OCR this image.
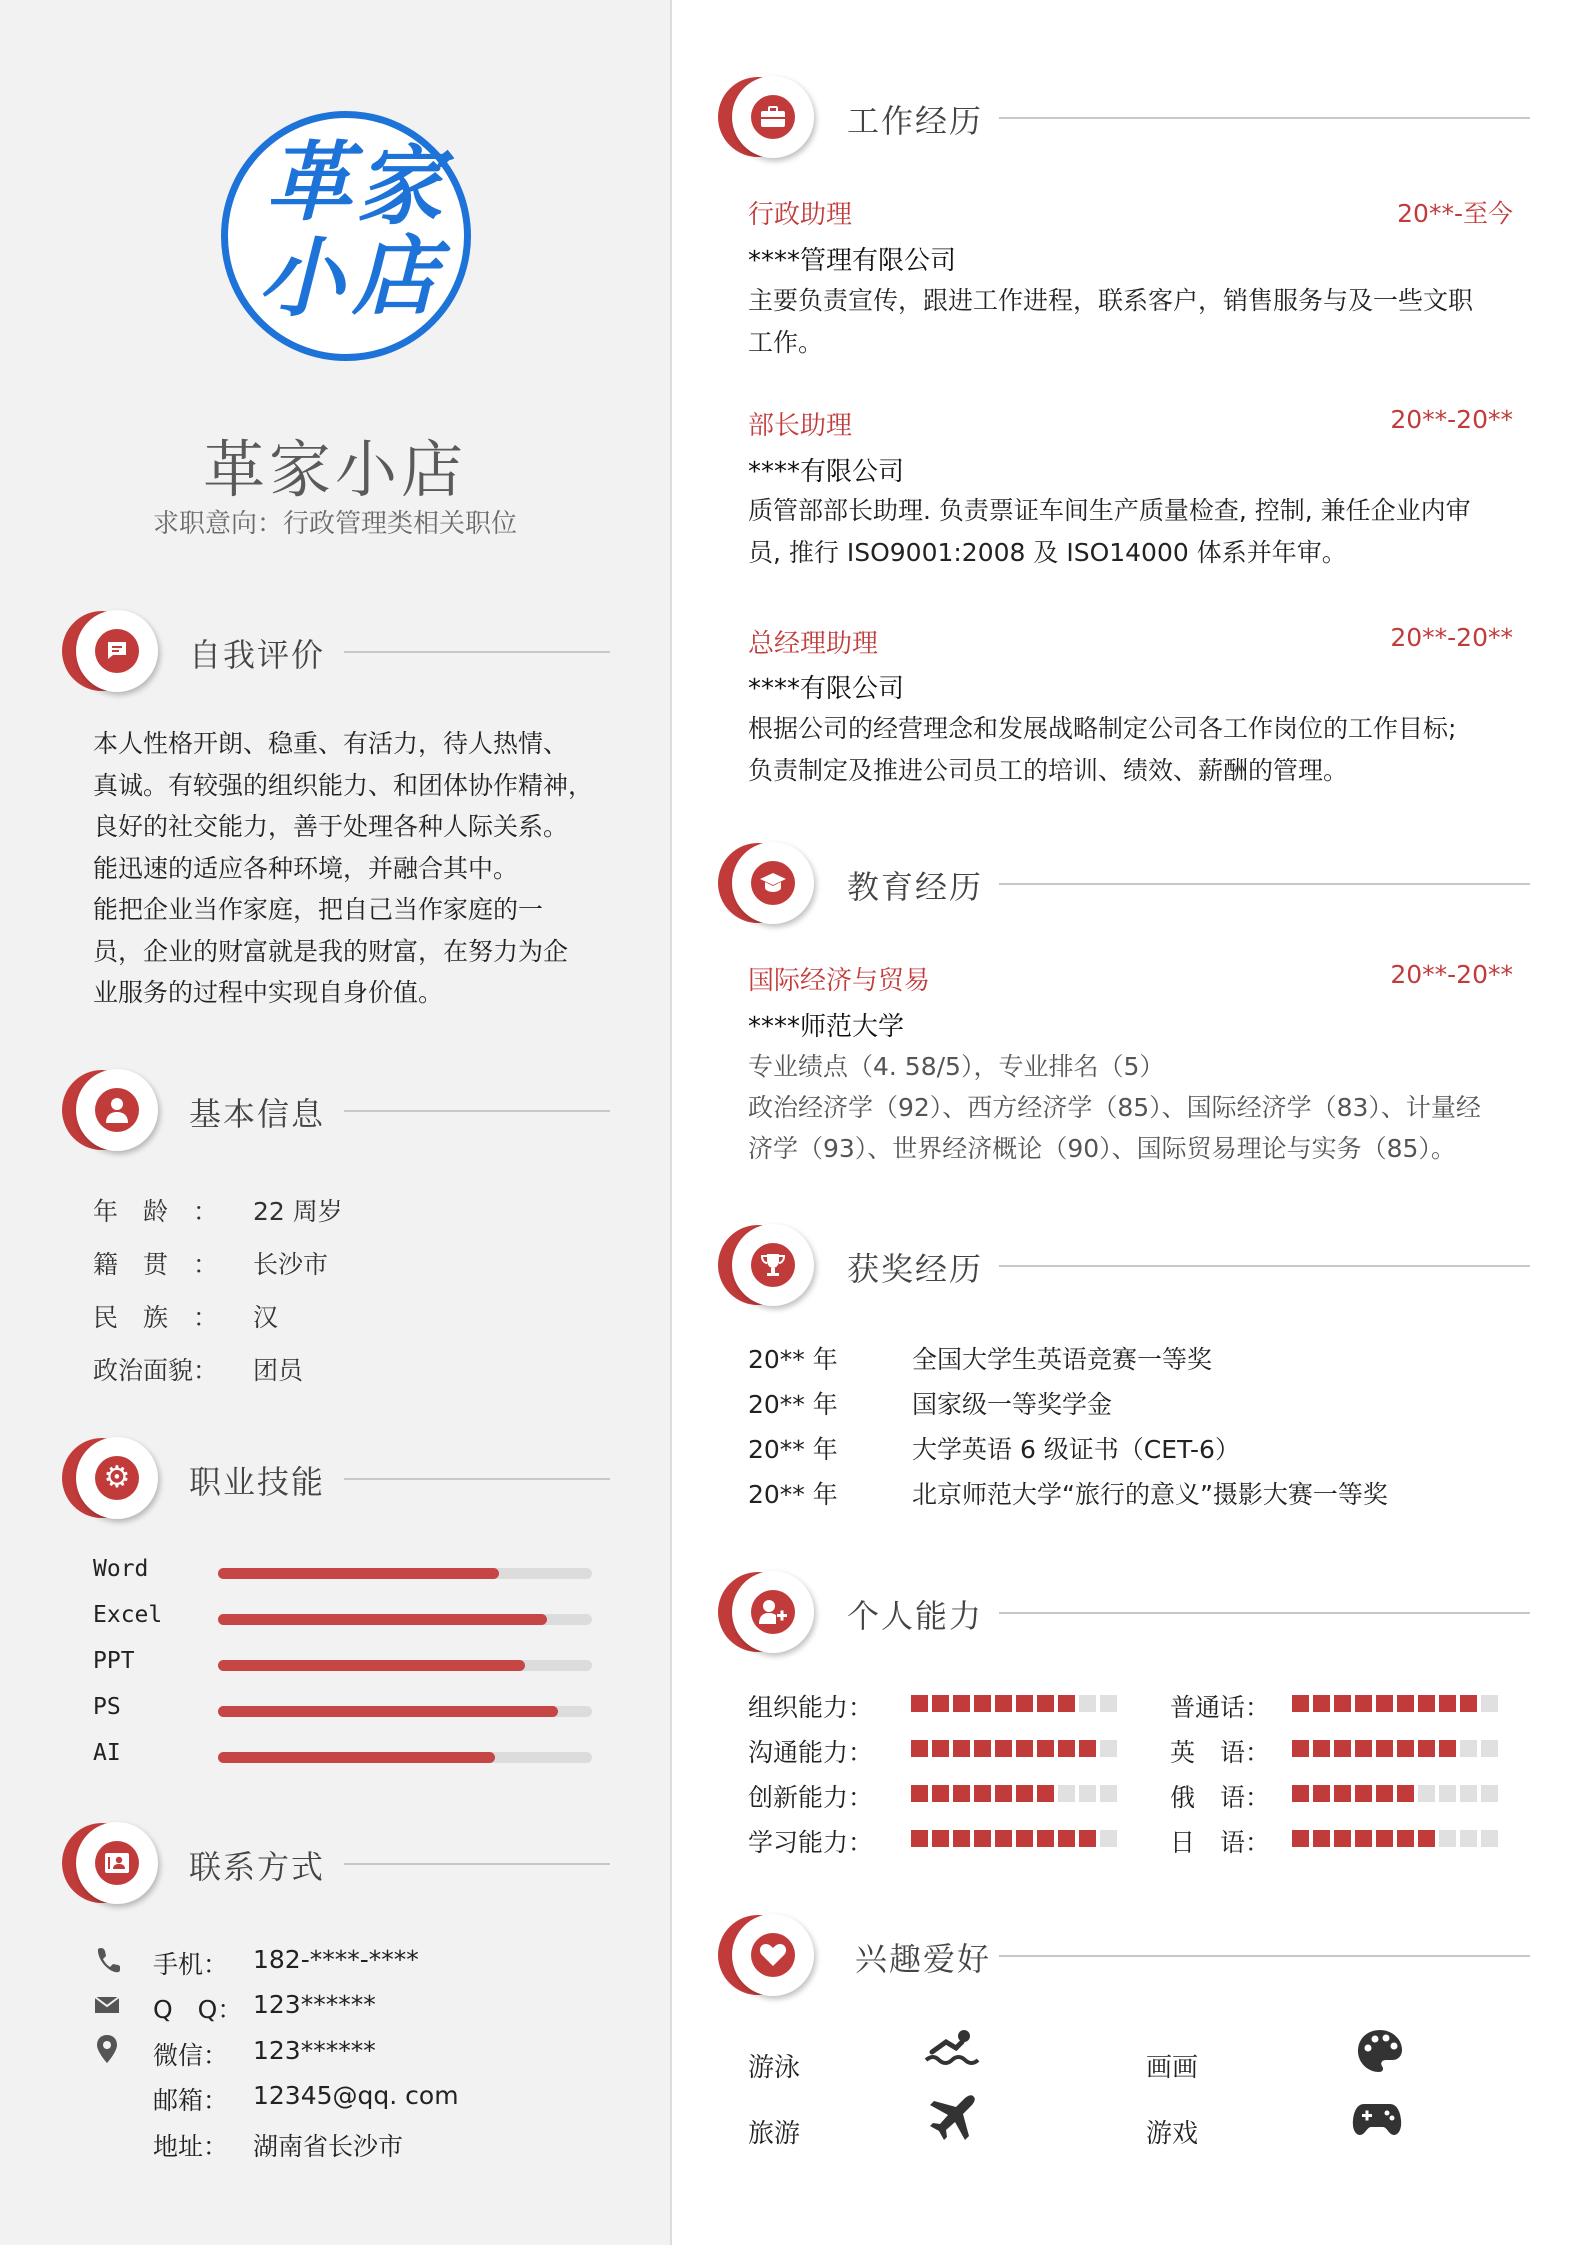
革 家
小 店
革家小店
求职意向：行政管理类相关职位
自我评价
本人性格开朗、稳重、有活力，待人热情、
真诚。有较强的组织能力、和团体协作精神，
良好的社交能力，善于处理各种人际关系。
能迅速的适应各种环境，并融合其中。
能把企业当作家庭，把自己当作家庭的一
员，企业的财富就是我的财富，在努力为企
业服务的过程中实现自身价值。
基本信息
年　龄　： 22 周岁
籍　贯　： 长沙市
民　族　： 汉
政治面貌： 团员
⚙ 职业技能
Word
Excel
PPT
PS
AI
联系方式
手机： 182-****-****
Q　Q： 123******
微信： 123******
邮箱： 12345@qq. com
地址： 湖南省长沙市
工作经历
行政助理	20**-至今
****管理有限公司
主要负责宣传，跟进工作进程，联系客户，销售服务与及一些文职
工作。
部长助理	20**-20**
****有限公司
质管部部长助理. 负责票证车间生产质量检查, 控制, 兼任企业内审
员, 推行 ISO9001:2008 及 ISO14000 体系并年审。
总经理助理	20**-20**
****有限公司
根据公司的经营理念和发展战略制定公司各工作岗位的工作目标;
负责制定及推进公司员工的培训、绩效、薪酬的管理。
教育经历
国际经济与贸易	20**-20**
****师范大学
专业绩点（4. 58/5），专业排名（5）
政治经济学（92）、西方经济学（85）、国际经济学（83）、计量经
济学（93）、世界经济概论（90）、国际贸易理论与实务（85）。
获奖经历
20** 年	全国大学生英语竞赛一等奖
20** 年	国家级一等奖学金
20** 年	大学英语 6 级证书（CET-6）
20** 年	北京师范大学“旅行的意义”摄影大赛一等奖
个人能力
组织能力：
沟通能力：
创新能力：
学习能力：
普通话：
英　语：
俄　语：
日　语：
兴趣爱好
游泳	画画
旅游	游戏
